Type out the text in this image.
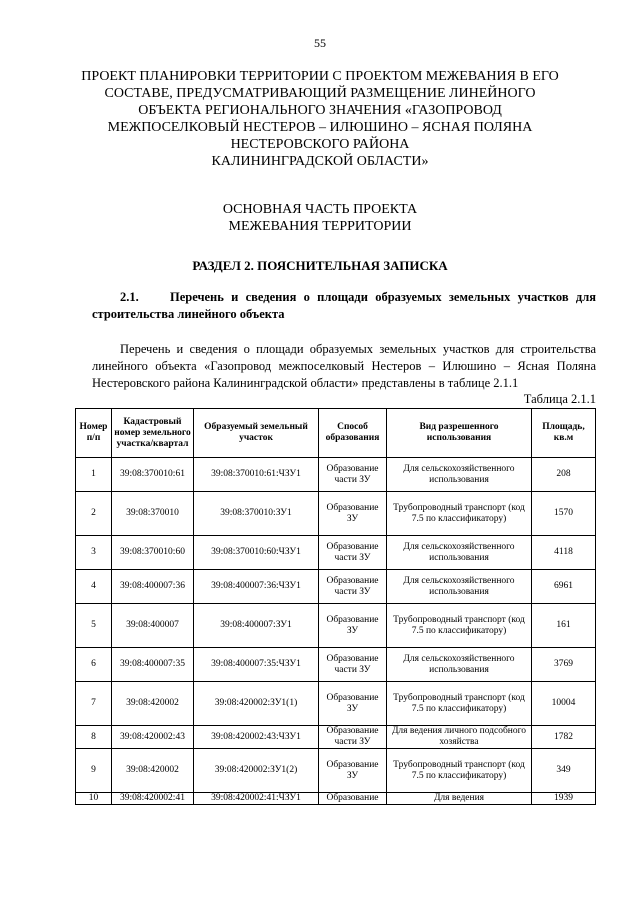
55
ПРОЕКТ ПЛАНИРОВКИ ТЕРРИТОРИИ С ПРОЕКТОМ МЕЖЕВАНИЯ В ЕГО
СОСТАВЕ, ПРЕДУСМАТРИВАЮЩИЙ РАЗМЕЩЕНИЕ ЛИНЕЙНОГО
ОБЪЕКТА РЕГИОНАЛЬНОГО ЗНАЧЕНИЯ «ГАЗОПРОВОД
МЕЖПОСЕЛКОВЫЙ НЕСТЕРОВ – ИЛЮШИНО – ЯСНАЯ ПОЛЯНА
НЕСТЕРОВСКОГО РАЙОНА
КАЛИНИНГРАДСКОЙ ОБЛАСТИ»
ОСНОВНАЯ ЧАСТЬ ПРОЕКТА
МЕЖЕВАНИЯ ТЕРРИТОРИИ
РАЗДЕЛ 2. ПОЯСНИТЕЛЬНАЯ ЗАПИСКА
2.1.	Перечень и сведения о площади образуемых земельных участков для строительства линейного объекта
Перечень и сведения о площади образуемых земельных участков для строительства линейного объекта «Газопровод межпоселковый Нестеров – Илюшино – Ясная Поляна Нестеровского района Калининградской области» представлены в таблице 2.1.1
Таблица 2.1.1
Номер п/п	Кадастровый номер земельного участка/квартал	Образуемый земельный участок	Способ образования	Вид разрешенного использования	Площадь, кв.м
1	39:08:370010:61	39:08:370010:61:ЧЗУ1	Образование части ЗУ	Для сельскохозяйственного использования	208
2	39:08:370010	39:08:370010:ЗУ1	Образование ЗУ	Трубопроводный транспорт (код 7.5 по классификатору)	1570
3	39:08:370010:60	39:08:370010:60:ЧЗУ1	Образование части ЗУ	Для сельскохозяйственного использования	4118
4	39:08:400007:36	39:08:400007:36:ЧЗУ1	Образование части ЗУ	Для сельскохозяйственного использования	6961
5	39:08:400007	39:08:400007:ЗУ1	Образование ЗУ	Трубопроводный транспорт (код 7.5 по классификатору)	161
6	39:08:400007:35	39:08:400007:35:ЧЗУ1	Образование части ЗУ	Для сельскохозяйственного использования	3769
7	39:08:420002	39:08:420002:ЗУ1(1)	Образование ЗУ	Трубопроводный транспорт (код 7.5 по классификатору)	10004
8	39:08:420002:43	39:08:420002:43:ЧЗУ1	Образование части ЗУ	Для ведения личного подсобного хозяйства	1782
9	39:08:420002	39:08:420002:ЗУ1(2)	Образование ЗУ	Трубопроводный транспорт (код 7.5 по классификатору)	349
10	39:08:420002:41	39:08:420002:41:ЧЗУ1	Образование	Для ведения	1939
